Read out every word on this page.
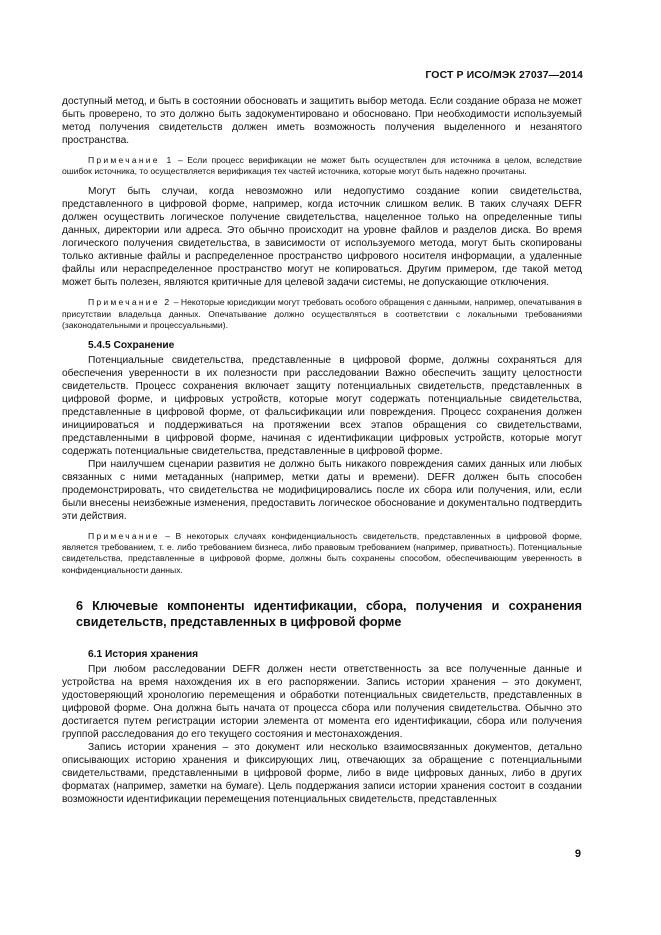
ГОСТ Р ИСО/МЭК 27037—2014

доступный метод, и быть в состоянии обосновать и защитить выбор метода. Если создание образа не может быть проверено, то это должно быть задокументировано и обосновано. При необходимости используемый метод получения свидетельств должен иметь возможность получения выделенного и незанятого пространства.

Примечание 1 – Если процесс верификации не может быть осуществлен для источника в целом, вследствие ошибок источника, то осуществляется верификация тех частей источника, которые могут быть надежно прочитаны.

Могут быть случаи, когда невозможно или недопустимо создание копии свидетельства, представленного в цифровой форме, например, когда источник слишком велик. В таких случаях DEFR должен осуществить логическое получение свидетельства, нацеленное только на определенные типы данных, директории или адреса. Это обычно происходит на уровне файлов и разделов диска. Во время логического получения свидетельства, в зависимости от используемого метода, могут быть скопированы только активные файлы и распределенное пространство цифрового носителя информации, а удаленные файлы или нераспределенное пространство могут не копироваться. Другим примером, где такой метод может быть полезен, являются критичные для целевой задачи системы, не допускающие отключения.

Примечание 2 – Некоторые юрисдикции могут требовать особого обращения с данными, например, опечатывания в присутствии владельца данных. Опечатывание должно осуществляться в соответствии с локальными требованиями (законодательными и процессуальными).

5.4.5 Сохранение

Потенциальные свидетельства, представленные в цифровой форме, должны сохраняться для обеспечения уверенности в их полезности при расследовании Важно обеспечить защиту целостности свидетельств. Процесс сохранения включает защиту потенциальных свидетельств, представленных в цифровой форме, и цифровых устройств, которые могут содержать потенциальные свидетельства, представленные в цифровой форме, от фальсификации или повреждения. Процесс сохранения должен инициироваться и поддерживаться на протяжении всех этапов обращения со свидетельствами, представленными в цифровой форме, начиная с идентификации цифровых устройств, которые могут содержать потенциальные свидетельства, представленные в цифровой форме.

При наилучшем сценарии развития не должно быть никакого повреждения самих данных или любых связанных с ними метаданных (например, метки даты и времени). DEFR должен быть способен продемонстрировать, что свидетельства не модифицировались после их сбора или получения, или, если были внесены неизбежные изменения, предоставить логическое обоснование и документально подтвердить эти действия.

Примечание – В некоторых случаях конфиденциальность свидетельств, представленных в цифровой форме, является требованием, т. е. либо требованием бизнеса, либо правовым требованием (например, приватность). Потенциальные свидетельства, представленные в цифровой форме, должны быть сохранены способом, обеспечивающим уверенность в конфиденциальности данных.

6 Ключевые компоненты идентификации, сбора, получения и сохранения свидетельств, представленных в цифровой форме
6.1 История хранения

При любом расследовании DEFR должен нести ответственность за все полученные данные и устройства на время нахождения их в его распоряжении. Запись истории хранения – это документ, удостоверяющий хронологию перемещения и обработки потенциальных свидетельств, представленных в цифровой форме. Она должна быть начата от процесса сбора или получения свидетельства. Обычно это достигается путем регистрации истории элемента от момента его идентификации, сбора или получения группой расследования до его текущего состояния и местонахождения.

Запись истории хранения – это документ или несколько взаимосвязанных документов, детально описывающих историю хранения и фиксирующих лиц, отвечающих за обращение с потенциальными свидетельствами, представленными в цифровой форме, либо в виде цифровых данных, либо в других форматах (например, заметки на бумаге). Цель поддержания записи истории хранения состоит в создании возможности идентификации перемещения потенциальных свидетельств, представленных

9
